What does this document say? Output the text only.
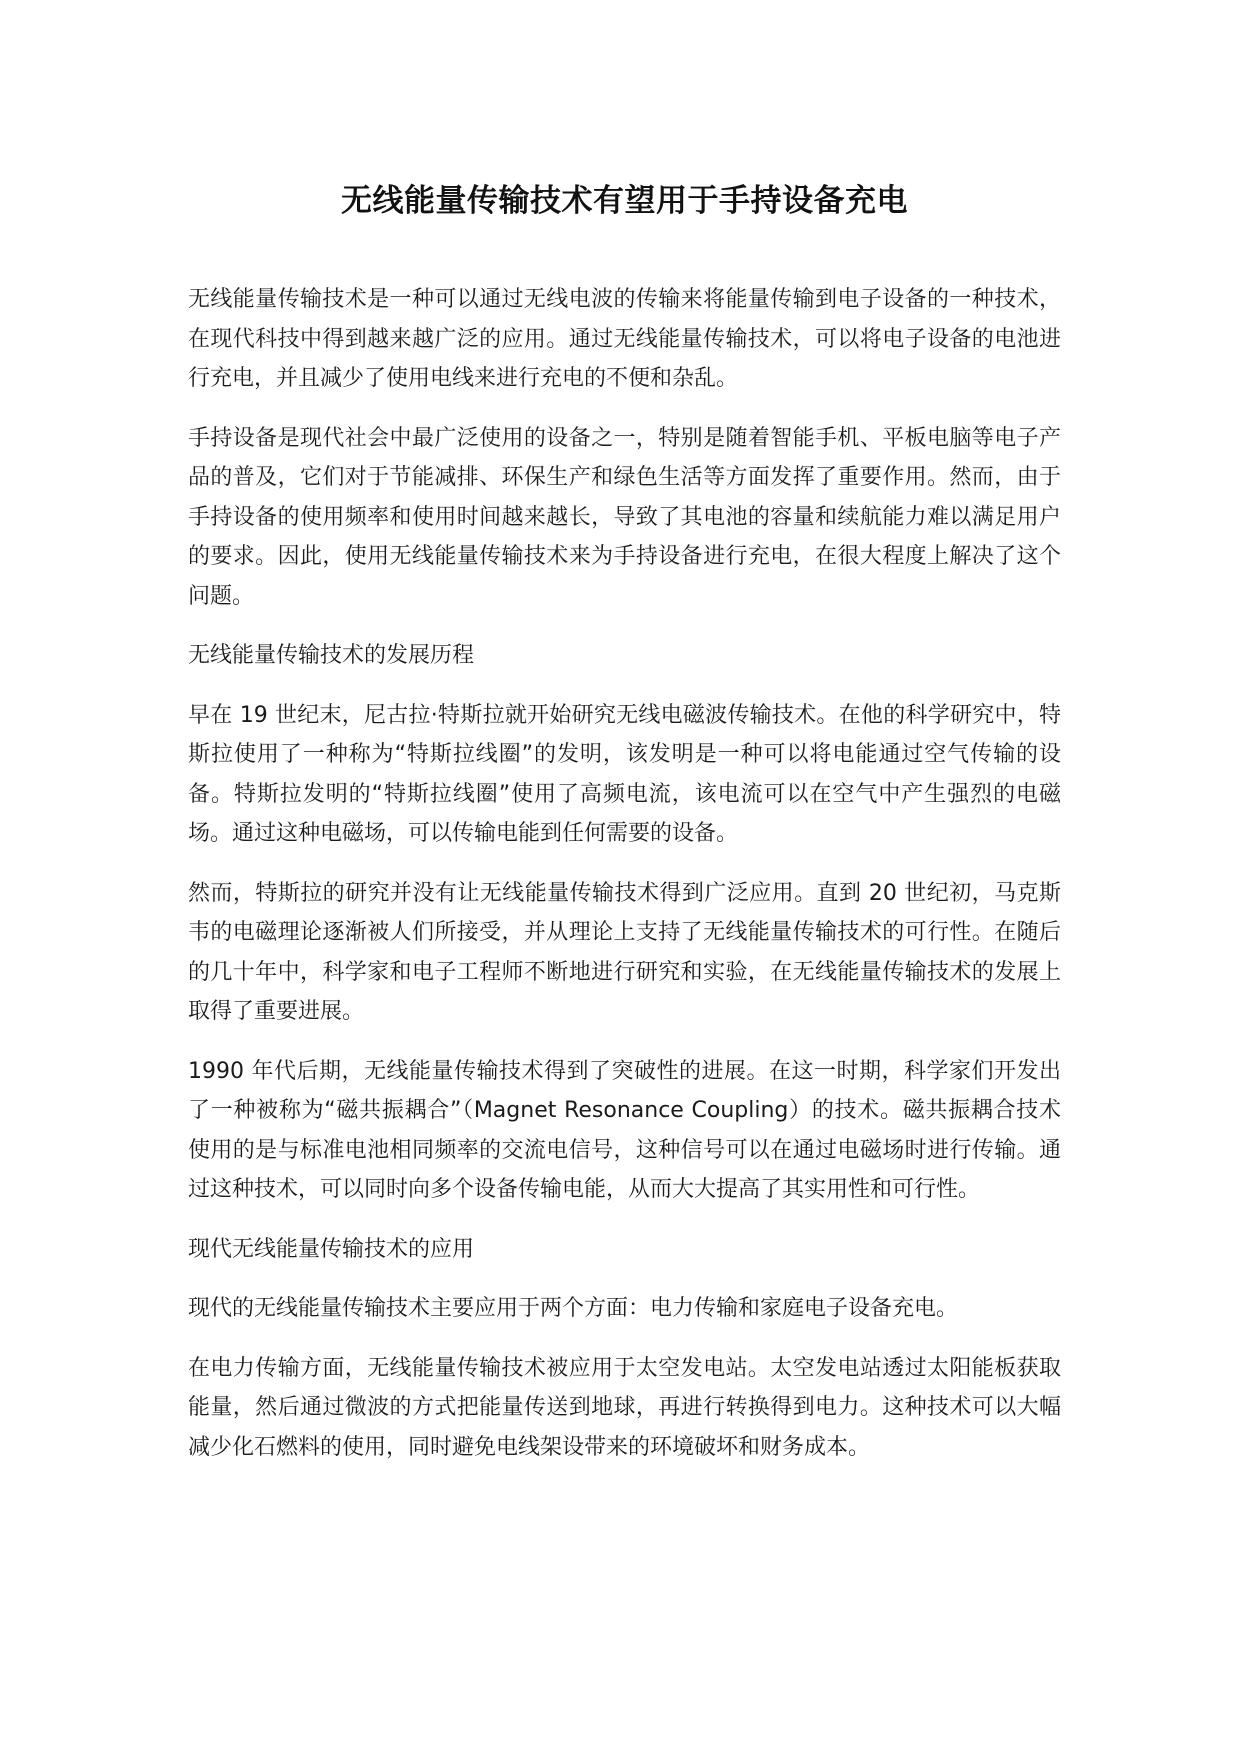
无线能量传输技术有望用于手持设备充电

无线能量传输技术是一种可以通过无线电波的传输来将能量传输到电子设备的一种技术，在现代科技中得到越来越广泛的应用。通过无线能量传输技术，可以将电子设备的电池进行充电，并且减少了使用电线来进行充电的不便和杂乱。

手持设备是现代社会中最广泛使用的设备之一，特别是随着智能手机、平板电脑等电子产品的普及，它们对于节能减排、环保生产和绿色生活等方面发挥了重要作用。然而，由于手持设备的使用频率和使用时间越来越长，导致了其电池的容量和续航能力难以满足用户的要求。因此，使用无线能量传输技术来为手持设备进行充电，在很大程度上解决了这个问题。

无线能量传输技术的发展历程

早在 19 世纪末，尼古拉·特斯拉就开始研究无线电磁波传输技术。在他的科学研究中，特斯拉使用了一种称为“特斯拉线圈”的发明，该发明是一种可以将电能通过空气传输的设备。特斯拉发明的“特斯拉线圈”使用了高频电流，该电流可以在空气中产生强烈的电磁场。通过这种电磁场，可以传输电能到任何需要的设备。

然而，特斯拉的研究并没有让无线能量传输技术得到广泛应用。直到 20 世纪初，马克斯韦的电磁理论逐渐被人们所接受，并从理论上支持了无线能量传输技术的可行性。在随后的几十年中，科学家和电子工程师不断地进行研究和实验，在无线能量传输技术的发展上取得了重要进展。

1990 年代后期，无线能量传输技术得到了突破性的进展。在这一时期，科学家们开发出了一种被称为“磁共振耦合”（Magnet Resonance Coupling）的技术。磁共振耦合技术使用的是与标准电池相同频率的交流电信号，这种信号可以在通过电磁场时进行传输。通过这种技术，可以同时向多个设备传输电能，从而大大提高了其实用性和可行性。

现代无线能量传输技术的应用

现代的无线能量传输技术主要应用于两个方面：电力传输和家庭电子设备充电。

在电力传输方面，无线能量传输技术被应用于太空发电站。太空发电站透过太阳能板获取能量，然后通过微波的方式把能量传送到地球，再进行转换得到电力。这种技术可以大幅减少化石燃料的使用，同时避免电线架设带来的环境破坏和财务成本。
